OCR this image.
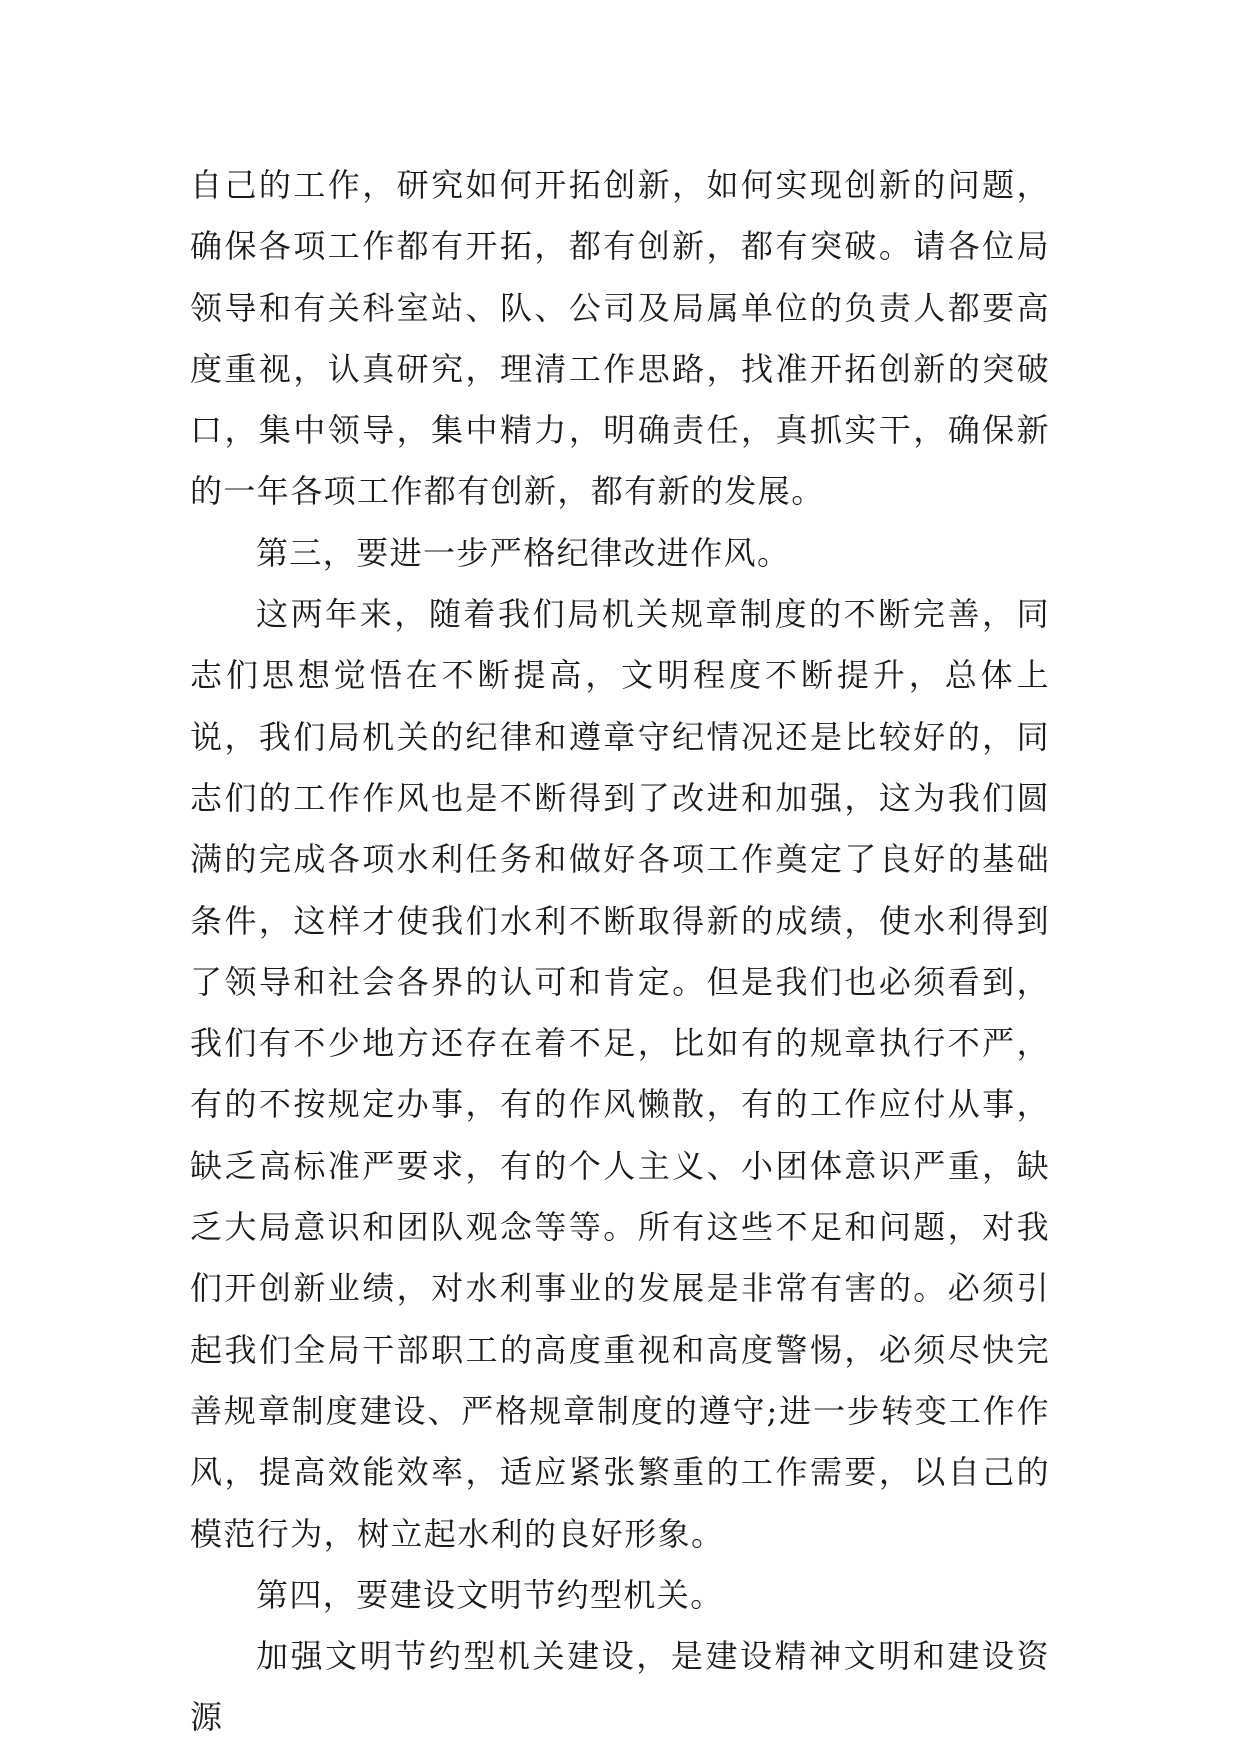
自己的工作，研究如何开拓创新，如何实现创新的问题，确保各项工作都有开拓，都有创新，都有突破。请各位局领导和有关科室站、队、公司及局属单位的负责人都要高度重视，认真研究，理清工作思路，找准开拓创新的突破口，集中领导，集中精力，明确责任，真抓实干，确保新的一年各项工作都有创新，都有新的发展。

第三，要进一步严格纪律改进作风。

这两年来，随着我们局机关规章制度的不断完善，同志们思想觉悟在不断提高，文明程度不断提升，总体上说，我们局机关的纪律和遵章守纪情况还是比较好的，同志们的工作作风也是不断得到了改进和加强，这为我们圆满的完成各项水利任务和做好各项工作奠定了良好的基础条件，这样才使我们水利不断取得新的成绩，使水利得到了领导和社会各界的认可和肯定。但是我们也必须看到，我们有不少地方还存在着不足，比如有的规章执行不严，有的不按规定办事，有的作风懒散，有的工作应付从事，缺乏高标准严要求，有的个人主义、小团体意识严重，缺乏大局意识和团队观念等等。所有这些不足和问题，对我们开创新业绩，对水利事业的发展是非常有害的。必须引起我们全局干部职工的高度重视和高度警惕，必须尽快完善规章制度建设、严格规章制度的遵守;进一步转变工作作风，提高效能效率，适应紧张繁重的工作需要，以自己的模范行为，树立起水利的良好形象。

第四，要建设文明节约型机关。

加强文明节约型机关建设，是建设精神文明和建设资源
